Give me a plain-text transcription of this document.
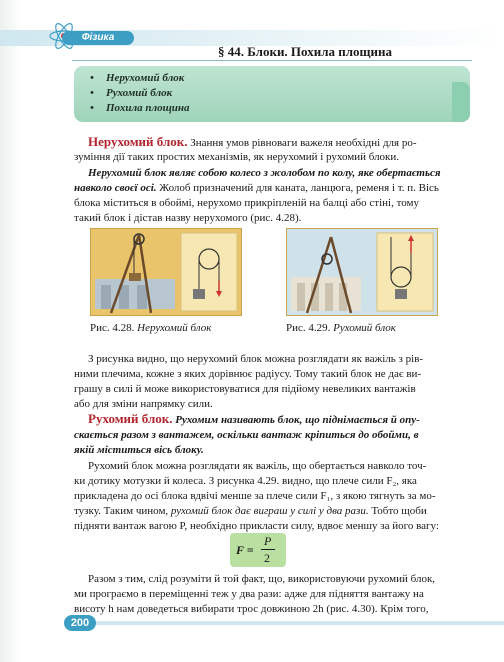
Фізика
§ 44. Блоки. Похила площина
• Нерухомий блок
• Рухомий блок
• Похила площина
Нерухомий блок. Знання умов рівноваги важеля необхідні для ро-
зуміння дії таких простих механізмів, як нерухомий і рухомий блоки.
Нерухомий блок являє собою колесо з жолобом по колу, яке обертається
навколо своєї осі. Жолоб призначений для каната, ланцюга, ременя і т. п. Вісь
блока міститься в обоймі, нерухомо прикріпленій на балці або стіні, тому
такий блок і дістав назву нерухомого (рис. 4.28).
Рис. 4.28. Нерухомий блок	Рис. 4.29. Рухомий блок
З рисунка видно, що нерухомий блок можна розглядати як важіль з рів-
ними плечима, кожне з яких дорівнює радіусу. Тому такий блок не дає ви-
грашу в силі й може використовуватися для підйому невеликих вантажів
або для зміни напрямку сили.
Рухомий блок. Рухомим називають блок, що піднімається й опу-
скається разом з вантажем, оскільки вантаж кріпиться до обойми, в
якій міститься вісь блоку.
Рухомий блок можна розглядати як важіль, що обертається навколо точ-
ки дотику мотузки й колеса. З рисунка 4.29. видно, що плече сили F₂, яка
прикладена до осі блока вдвічі менше за плече сили F₁, з якою тягнуть за мо-
тузку. Таким чином, рухомий блок дає виграш у силі у два рази. Тобто щоби
підняти вантаж вагою P, необхідно прикласти силу, вдвоє меншу за його вагу:
F =
P
2
Разом з тим, слід розуміти й той факт, що, використовуючи рухомий блок,
ми програємо в переміщенні теж у два рази: адже для підняття вантажу на
висоту h нам доведеться вибирати трос довжиною 2h (рис. 4.30). Крім того,
200
